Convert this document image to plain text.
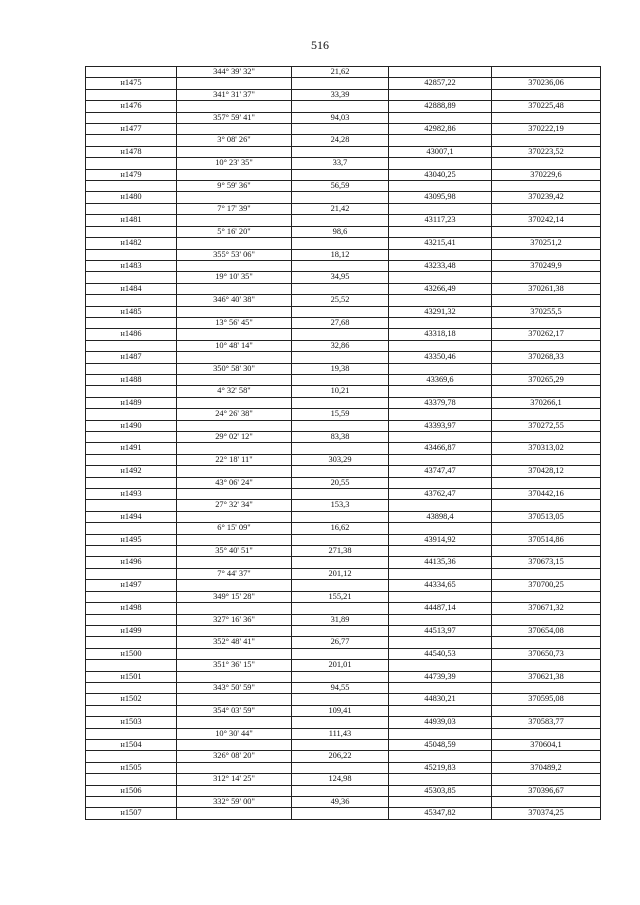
516
	344° 39' 32"	21,62		
н1475			42857,22	370236,06
	341° 31' 37"	33,39		
н1476			42888,89	370225,48
	357° 59' 41"	94,03		
н1477			42982,86	370222,19
	3° 08' 26"	24,28		
н1478			43007,1	370223,52
	10° 23' 35"	33,7		
н1479			43040,25	370229,6
	9° 59' 36"	56,59		
н1480			43095,98	370239,42
	7° 17' 39"	21,42		
н1481			43117,23	370242,14
	5° 16' 20"	98,6		
н1482			43215,41	370251,2
	355° 53' 06"	18,12		
н1483			43233,48	370249,9
	19° 10' 35"	34,95		
н1484			43266,49	370261,38
	346° 40' 38"	25,52		
н1485			43291,32	370255,5
	13° 56' 45"	27,68		
н1486			43318,18	370262,17
	10° 48' 14"	32,86		
н1487			43350,46	370268,33
	350° 58' 30"	19,38		
н1488			43369,6	370265,29
	4° 32' 58"	10,21		
н1489			43379,78	370266,1
	24° 26' 38"	15,59		
н1490			43393,97	370272,55
	29° 02' 12"	83,38		
н1491			43466,87	370313,02
	22° 18' 11"	303,29		
н1492			43747,47	370428,12
	43° 06' 24"	20,55		
н1493			43762,47	370442,16
	27° 32' 34"	153,3		
н1494			43898,4	370513,05
	6° 15' 09"	16,62		
н1495			43914,92	370514,86
	35° 40' 51"	271,38		
н1496			44135,36	370673,15
	7° 44' 37"	201,12		
н1497			44334,65	370700,25
	349° 15' 28"	155,21		
н1498			44487,14	370671,32
	327° 16' 36"	31,89		
н1499			44513,97	370654,08
	352° 48' 41"	26,77		
н1500			44540,53	370650,73
	351° 36' 15"	201,01		
н1501			44739,39	370621,38
	343° 50' 59"	94,55		
н1502			44830,21	370595,08
	354° 03' 59"	109,41		
н1503			44939,03	370583,77
	10° 30' 44"	111,43		
н1504			45048,59	370604,1
	326° 08' 20"	206,22		
н1505			45219,83	370489,2
	312° 14' 25"	124,98		
н1506			45303,85	370396,67
	332° 59' 00"	49,36		
н1507			45347,82	370374,25
